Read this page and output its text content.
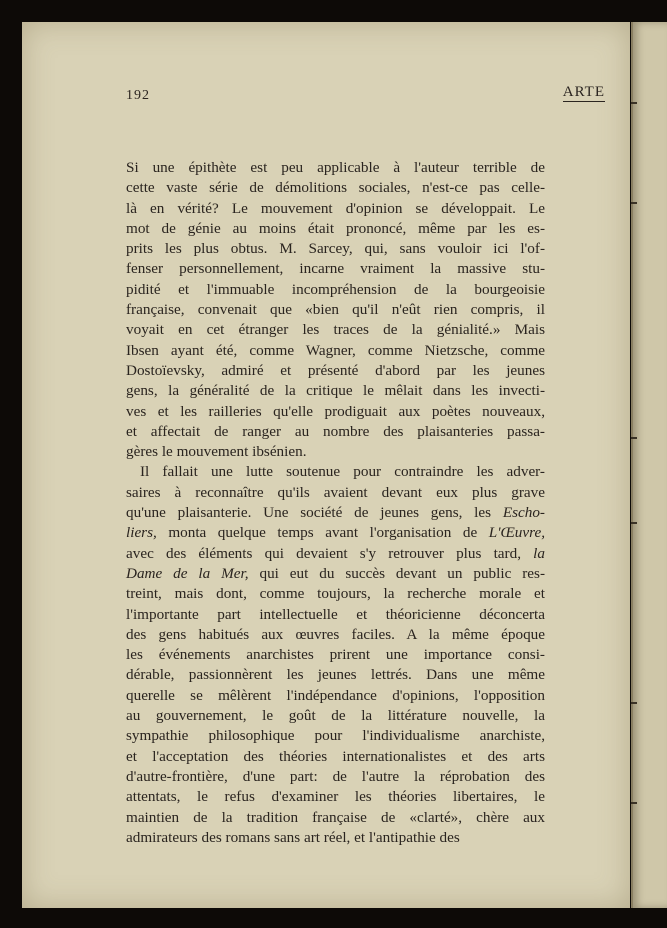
192	ARTE
Si une épithète est peu applicable à l'auteur terrible de
cette vaste série de démolitions sociales, n'est-ce pas celle-
là en vérité? Le mouvement d'opinion se développait. Le
mot de génie au moins était prononcé, même par les es-
prits les plus obtus. M. Sarcey, qui, sans vouloir ici l'of-
fenser personnellement, incarne vraiment la massive stu-
pidité et l'immuable incompréhension de la bourgeoisie
française, convenait que «bien qu'il n'eût rien compris, il
voyait en cet étranger les traces de la génialité.» Mais
Ibsen ayant été, comme Wagner, comme Nietzsche, comme
Dostoïevsky, admiré et présenté d'abord par les jeunes
gens, la généralité de la critique le mêlait dans les invecti-
ves et les railleries qu'elle prodiguait aux poètes nouveaux,
et affectait de ranger au nombre des plaisanteries passa-
gères le mouvement ibsénien.
Il fallait une lutte soutenue pour contraindre les adver-
saires à reconnaître qu'ils avaient devant eux plus grave
qu'une plaisanterie. Une société de jeunes gens, les Escho-
liers, monta quelque temps avant l'organisation de L'Œuvre,
avec des éléments qui devaient s'y retrouver plus tard, la
Dame de la Mer, qui eut du succès devant un public res-
treint, mais dont, comme toujours, la recherche morale et
l'importante part intellectuelle et théoricienne déconcerta
des gens habitués aux œuvres faciles. A la même époque
les événements anarchistes prirent une importance consi-
dérable, passionnèrent les jeunes lettrés. Dans une même
querelle se mêlèrent l'indépendance d'opinions, l'opposition
au gouvernement, le goût de la littérature nouvelle, la
sympathie philosophique pour l'individualisme anarchiste,
et l'acceptation des théories internationalistes et des arts
d'autre-frontière, d'une part: de l'autre la réprobation des
attentats, le refus d'examiner les théories libertaires, le
maintien de la tradition française de «clarté», chère aux
admirateurs des romans sans art réel, et l'antipathie des
